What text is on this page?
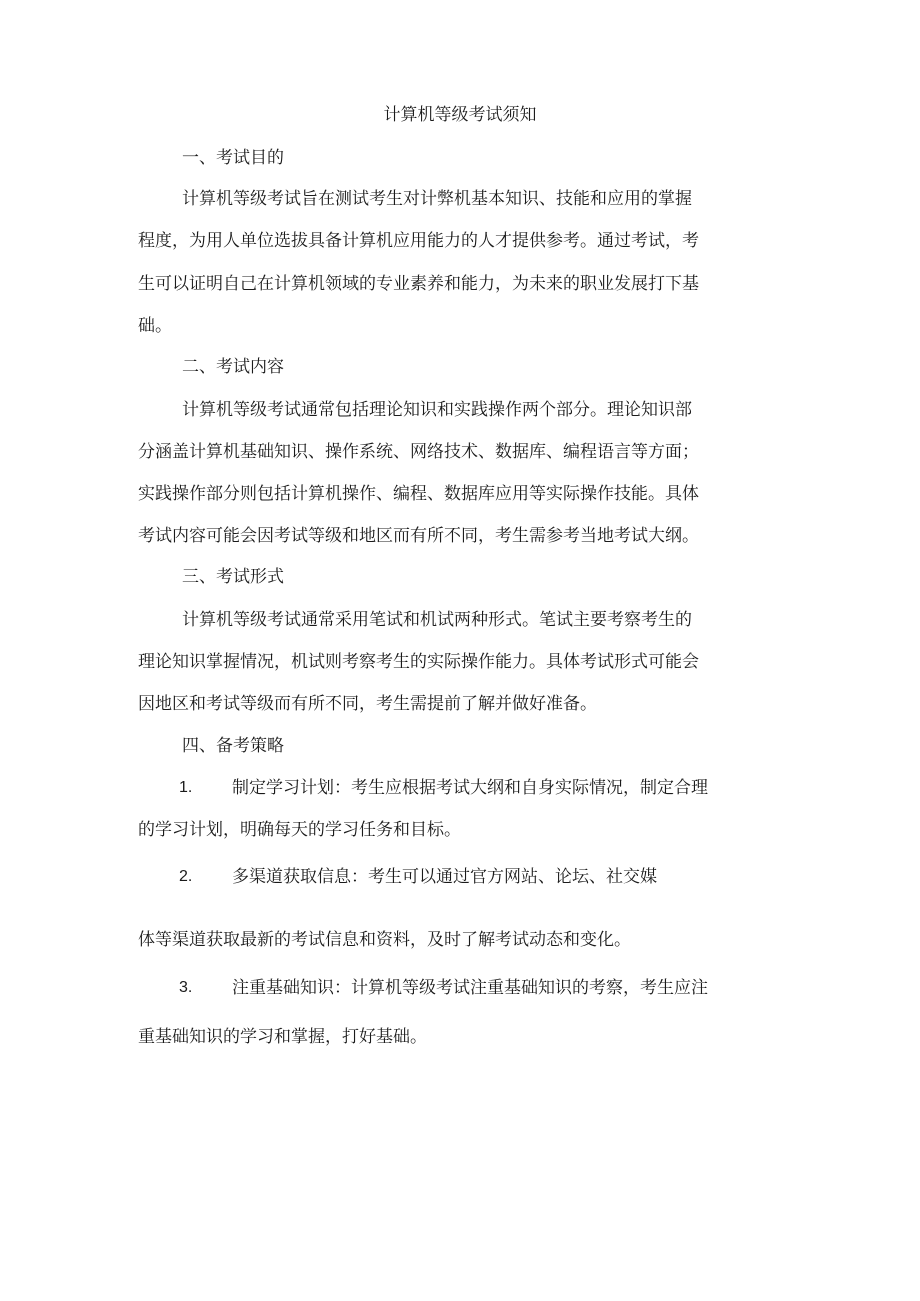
计算机等级考试须知
一、考试目的
计算机等级考试旨在测试考生对计弊机基本知识、技能和应用的掌握
程度，为用人单位选拔具备计算机应用能力的人才提供参考。通过考试，考
生可以证明自己在计算机领域的专业素养和能力，为未来的职业发展打下基
础。
二、考试内容
计算机等级考试通常包括理论知识和实践操作两个部分。理论知识部
分涵盖计算机基础知识、操作系统、网络技术、数据库、编程语言等方面；
实践操作部分则包括计算机操作、编程、数据库应用等实际操作技能。具体
考试内容可能会因考试等级和地区而有所不同，考生需参考当地考试大纲。
三、考试形式
计算机等级考试通常采用笔试和机试两种形式。笔试主要考察考生的
理论知识掌握情况，机试则考察考生的实际操作能力。具体考试形式可能会
因地区和考试等级而有所不同，考生需提前了解并做好准备。
四、备考策略
1. 制定学习计划：考生应根据考试大纲和自身实际情况，制定合理
的学习计划，明确每天的学习任务和目标。
2. 多渠道获取信息：考生可以通过官方网站、论坛、社交媒
体等渠道获取最新的考试信息和资料，及时了解考试动态和变化。
3. 注重基础知识：计算机等级考试注重基础知识的考察，考生应注
重基础知识的学习和掌握，打好基础。
